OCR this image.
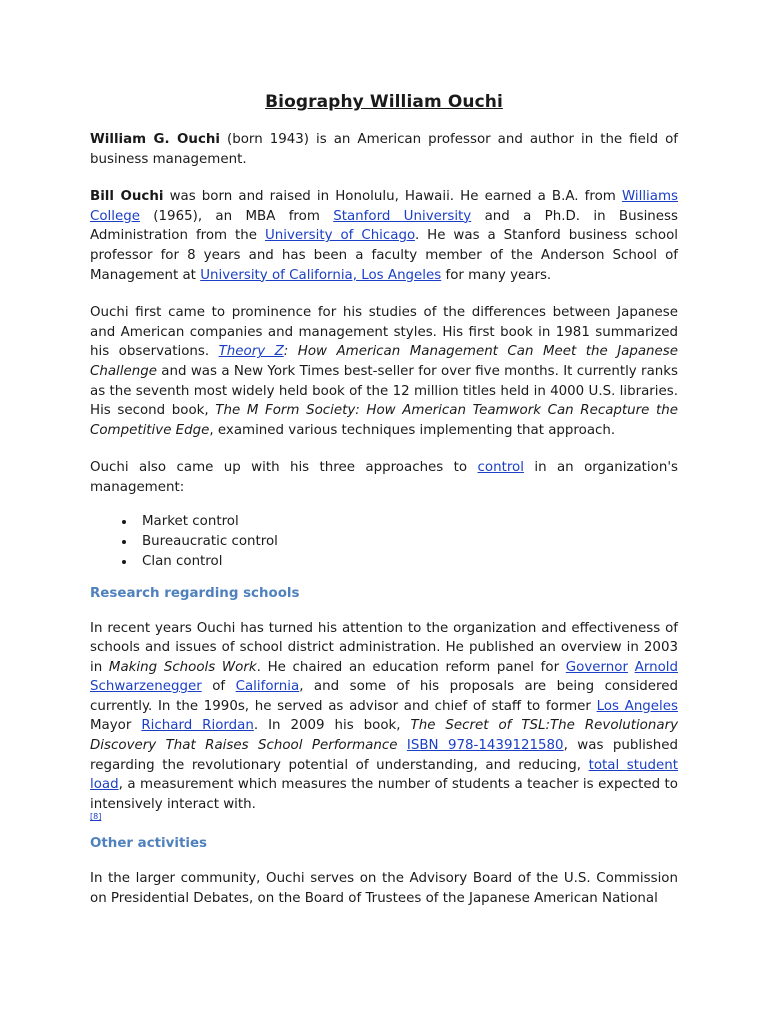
Biography William Ouchi

William G. Ouchi (born 1943) is an American professor and author in the field of business management.

Bill Ouchi was born and raised in Honolulu, Hawaii. He earned a B.A. from Williams College (1965), an MBA from Stanford University and a Ph.D. in Business Administration from the University of Chicago. He was a Stanford business school professor for 8 years and has been a faculty member of the Anderson School of Management at University of California, Los Angeles for many years.

Ouchi first came to prominence for his studies of the differences between Japanese and American companies and management styles. His first book in 1981 summarized his observations. Theory Z: How American Management Can Meet the Japanese Challenge and was a New York Times best-seller for over five months. It currently ranks as the seventh most widely held book of the 12 million titles held in 4000 U.S. libraries. His second book, The M Form Society: How American Teamwork Can Recapture the Competitive Edge, examined various techniques implementing that approach.

Ouchi also came up with his three approaches to control in an organization's management:

• Market control
• Bureaucratic control
• Clan control
Research regarding schools

In recent years Ouchi has turned his attention to the organization and effectiveness of schools and issues of school district administration. He published an overview in 2003 in Making Schools Work. He chaired an education reform panel for Governor Arnold Schwarzenegger of California, and some of his proposals are being considered currently. In the 1990s, he served as advisor and chief of staff to former Los Angeles Mayor Richard Riordan. In 2009 his book, The Secret of TSL:The Revolutionary Discovery That Raises School Performance ISBN 978-1439121580, was published regarding the revolutionary potential of understanding, and reducing, total student load, a measurement which measures the number of students a teacher is expected to intensively interact with.
[8]

Other activities

In the larger community, Ouchi serves on the Advisory Board of the U.S. Commission on Presidential Debates, on the Board of Trustees of the Japanese American National
